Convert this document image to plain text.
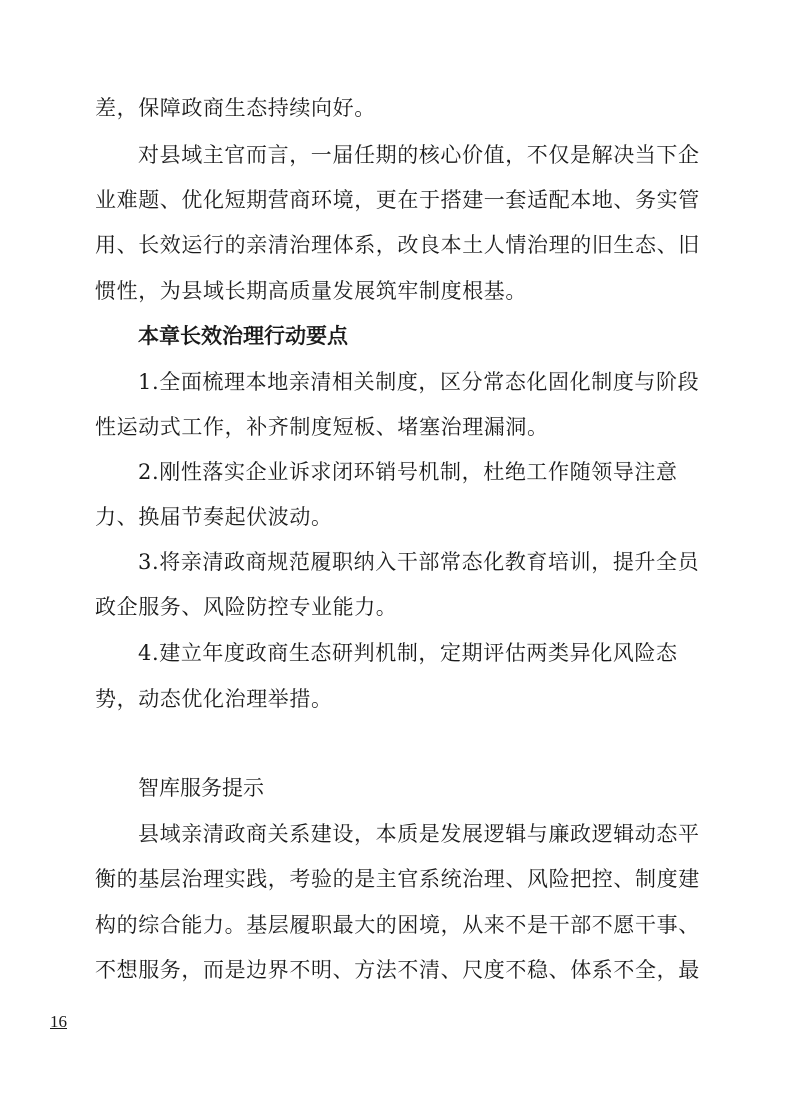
差，保障政商生态持续向好。
对县域主官而言，一届任期的核心价值，不仅是解决当下企
业难题、优化短期营商环境，更在于搭建一套适配本地、务实管
用、长效运行的亲清治理体系，改良本土人情治理的旧生态、旧
惯性，为县域长期高质量发展筑牢制度根基。
本章长效治理行动要点
1.全面梳理本地亲清相关制度，区分常态化固化制度与阶段
性运动式工作，补齐制度短板、堵塞治理漏洞。
2.刚性落实企业诉求闭环销号机制，杜绝工作随领导注意
力、换届节奏起伏波动。
3.将亲清政商规范履职纳入干部常态化教育培训，提升全员
政企服务、风险防控专业能力。
4.建立年度政商生态研判机制，定期评估两类异化风险态
势，动态优化治理举措。
智库服务提示
县域亲清政商关系建设，本质是发展逻辑与廉政逻辑动态平
衡的基层治理实践，考验的是主官系统治理、风险把控、制度建
构的综合能力。基层履职最大的困境，从来不是干部不愿干事、
不想服务，而是边界不明、方法不清、尺度不稳、体系不全，最
16
